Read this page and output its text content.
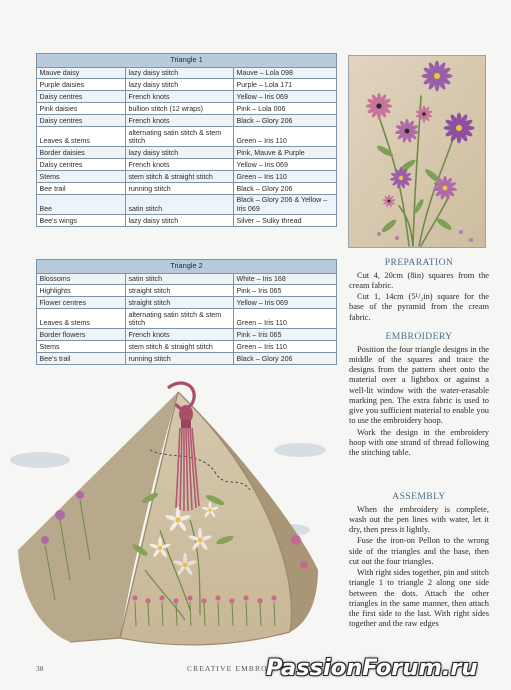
Triangle 1		
Mauve daisy	lazy daisy stitch	Mauve – Lola 098
Purple daisies	lazy daisy stitch	Purple – Lola 171
Daisy centres	French knots	Yellow – Iris 069
Pink daisies	bullion stitch (12 wraps)	Pink – Lola 006
Daisy centres	French knots	Black – Glory 206
Leaves & stems	alternating satin stitch & stem stitch	Green – Iris 110
Border daisies	lazy daisy stitch	Pink, Mauve & Purple
Daisy centres	French knots	Yellow – Iris 069
Stems	stem stitch & straight stitch	Green – Iris 110
Bee trail	running stitch	Black – Glory 206
Bee	satin stitch	Black – Glory 206 & Yellow – Iris 069
Bee's wings	lazy daisy stitch	Silver – Sulky thread
Triangle 2		
Blossoms	satin stitch	White – Iris 168
Highlights	straight stitch	Pink – Iris 065
Flower centres	straight stitch	Yellow – Iris 069
Leaves & stems	alternating satin stitch & stem stitch	Green – Iris 110
Border flowers	French knots	Pink – Iris 065
Stems	stem stitch & straight stitch	Green – Iris 110
Bee's trail	running stitch	Black – Glory 206
PREPARATION

Cut 4, 20cm (8in) squares from the cream fabric.

Cut 1, 14cm (5¹/₂in) square for the base of the pyramid from the cream fabric.

EMBROIDERY

Position the four triangle designs in the middle of the squares and trace the designs from the pattern sheet onto the material over a lightbox or against a well-lit window with the water-erasable marking pen. The extra fabric is used to give you sufficient material to enable you to use the embroidery hoop.

Work the design in the embroidery hoop with one strand of thread following the stitching table.

ASSEMBLY

When the embroidery is complete, wash out the pen lines with water, let it dry, then press it lightly.

Fuse the iron-on Pellon to the wrong side of the triangles and the base, then cut out the four triangles.

With right sides together, pin and stitch triangle 1 to triangle 2 along one side between the dots. Attach the other triangles in the same manner, then attach the first side to the last. With right sides together and the raw edges

38	CREATIVE EMBROID
PassionForum.ru
